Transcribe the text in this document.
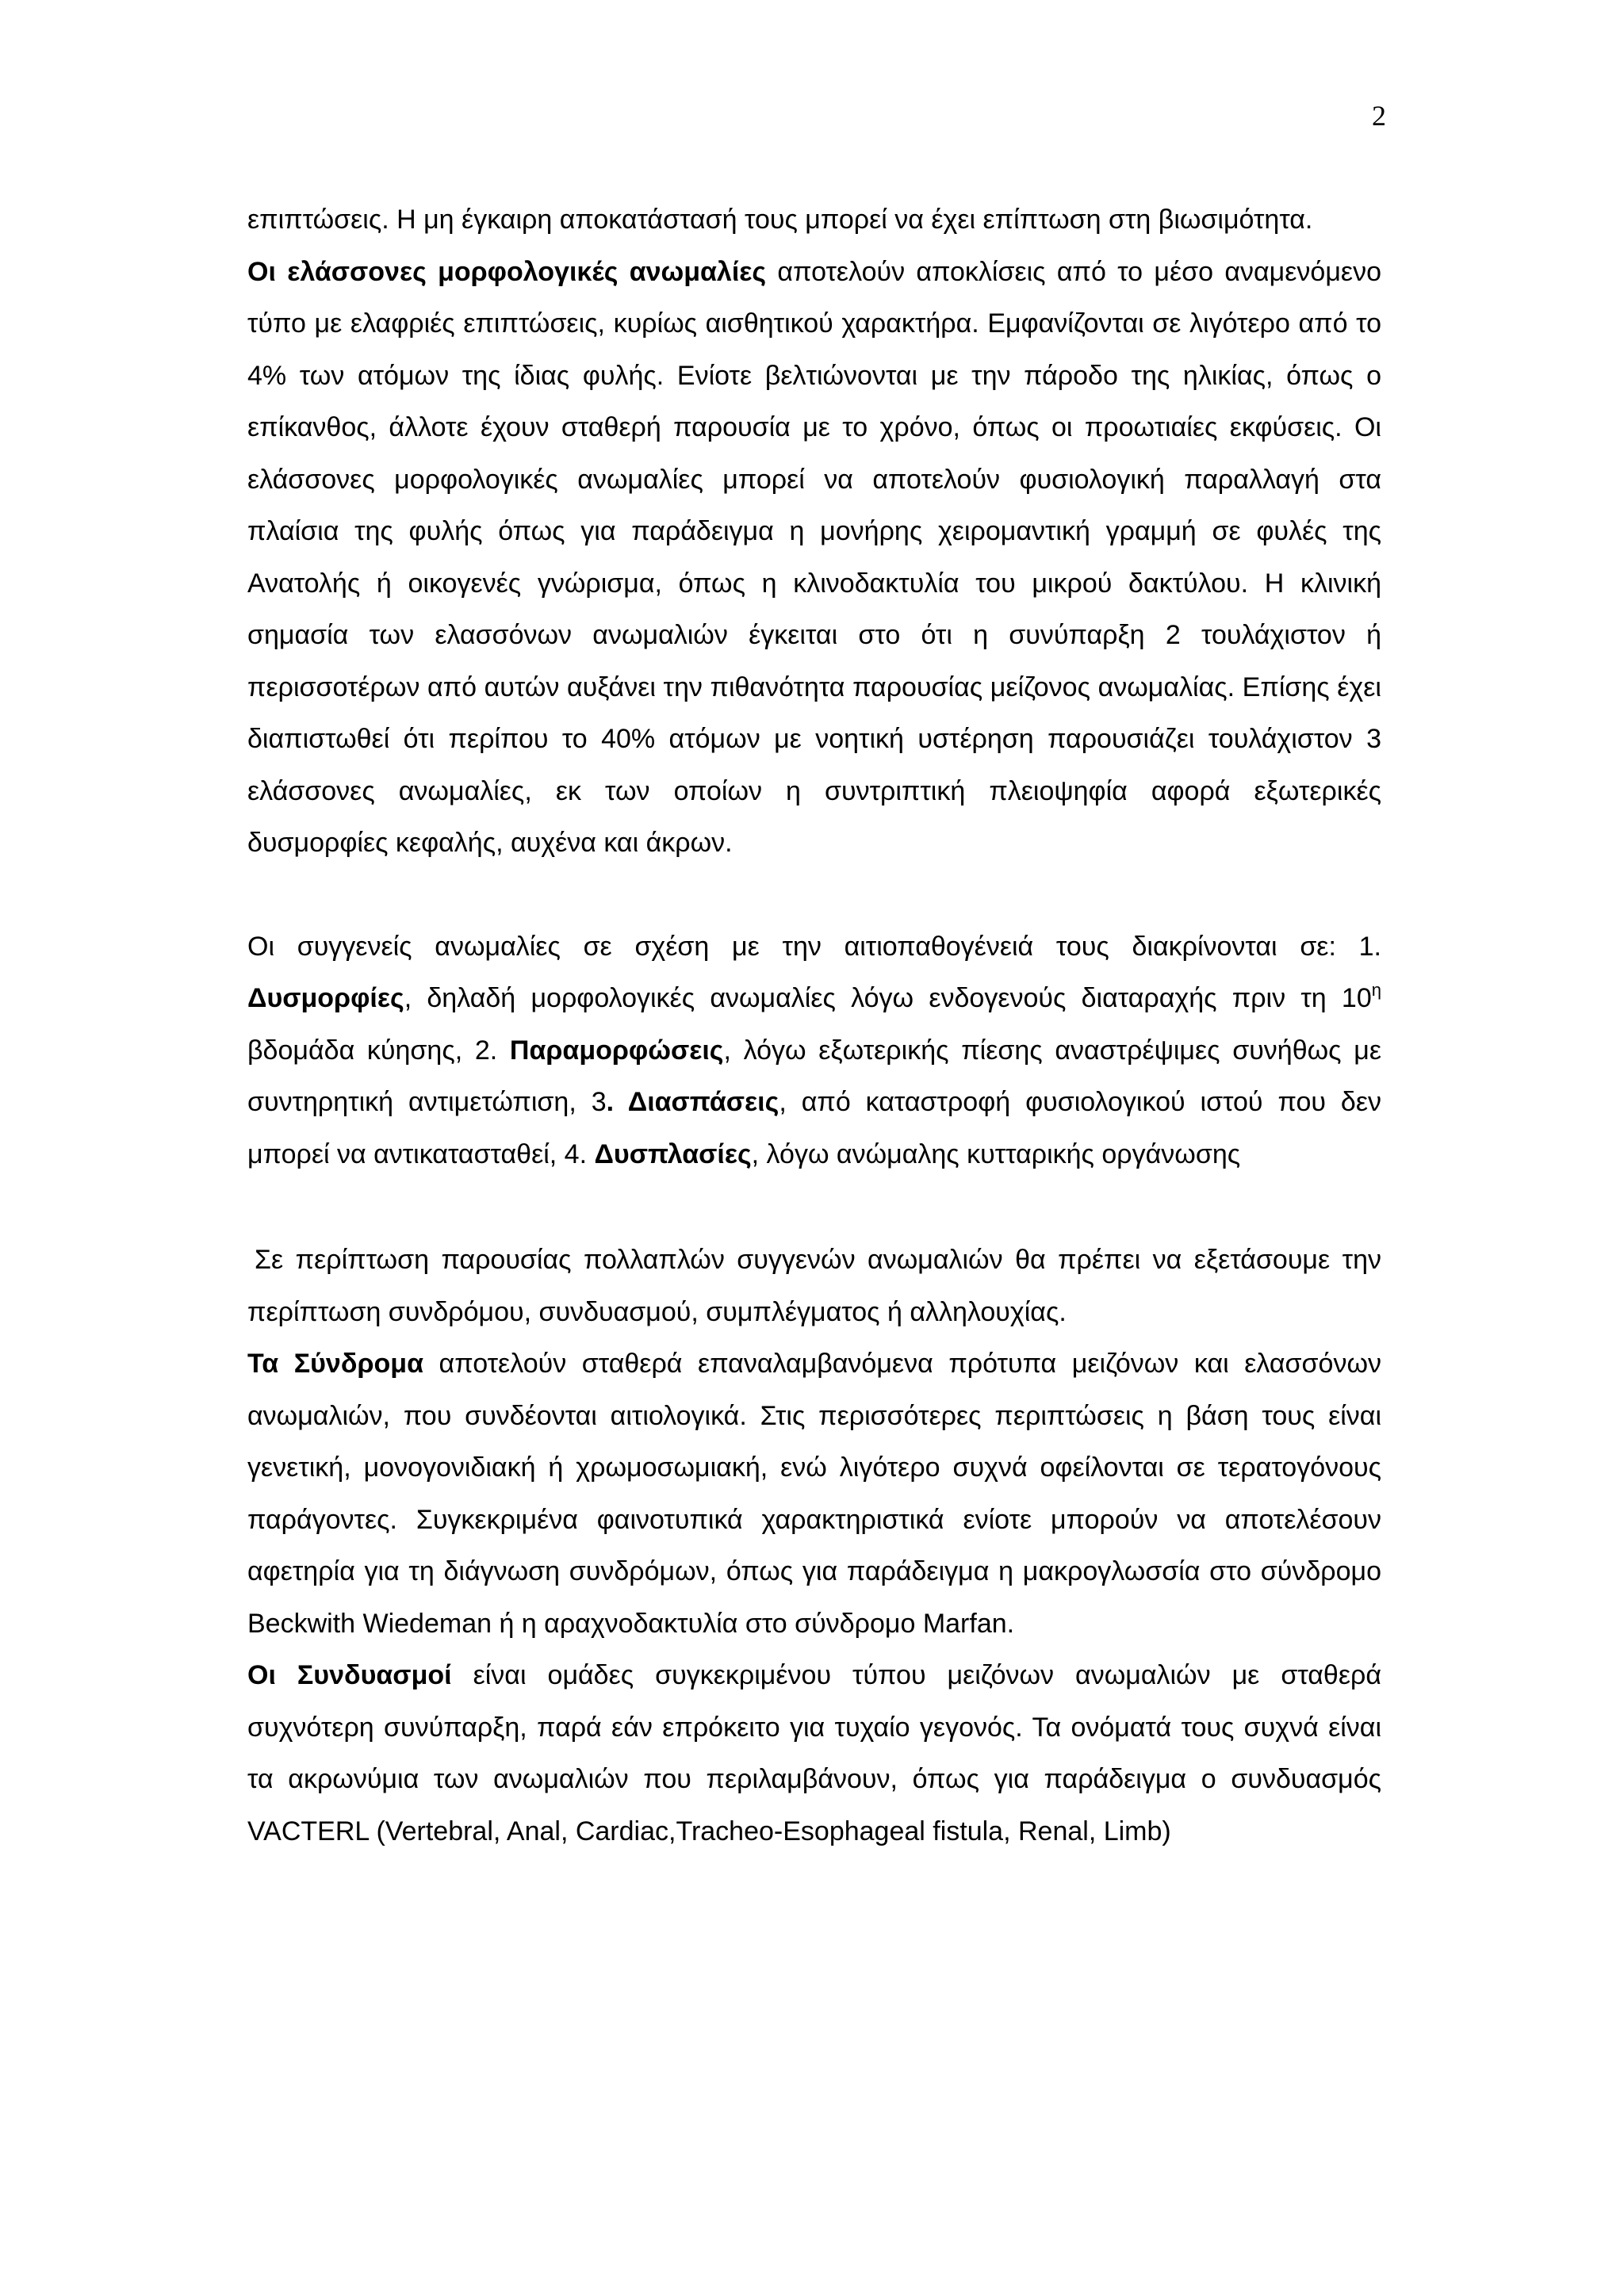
2

επιπτώσεις. Η μη έγκαιρη αποκατάστασή τους μπορεί να έχει επίπτωση στη βιωσιμότητα.

Οι ελάσσονες μορφολογικές ανωμαλίες αποτελούν αποκλίσεις από το μέσο αναμενόμενο τύπο με ελαφριές επιπτώσεις, κυρίως αισθητικού χαρακτήρα. Εμφανίζονται σε λιγότερο από το 4% των ατόμων της ίδιας φυλής. Ενίοτε βελτιώνονται με την πάροδο της ηλικίας, όπως ο επίκανθος, άλλοτε έχουν σταθερή παρουσία με το χρόνο, όπως οι προωτιαίες εκφύσεις. Οι ελάσσονες μορφολογικές ανωμαλίες μπορεί να αποτελούν φυσιολογική παραλλαγή στα πλαίσια της φυλής όπως για παράδειγμα η μονήρης χειρομαντική γραμμή σε φυλές της Ανατολής ή οικογενές γνώρισμα, όπως η κλινοδακτυλία του μικρού δακτύλου. Η κλινική σημασία των ελασσόνων ανωμαλιών έγκειται στο ότι η συνύπαρξη 2 τουλάχιστον ή περισσοτέρων από αυτών αυξάνει την πιθανότητα παρουσίας μείζονος ανωμαλίας. Επίσης έχει διαπιστωθεί ότι περίπου το 40% ατόμων με νοητική υστέρηση παρουσιάζει τουλάχιστον 3 ελάσσονες ανωμαλίες, εκ των οποίων η συντριπτική πλειοψηφία αφορά εξωτερικές δυσμορφίες κεφαλής, αυχένα και άκρων.

Οι συγγενείς ανωμαλίες σε σχέση με την αιτιοπαθογένειά τους διακρίνονται σε: 1. Δυσμορφίες, δηλαδή μορφολογικές ανωμαλίες λόγω ενδογενούς διαταραχής πριν τη $10^\eta$ βδομάδα κύησης, 2. Παραμορφώσεις, λόγω εξωτερικής πίεσης αναστρέψιμες συνήθως με συντηρητική αντιμετώπιση, 3. Διασπάσεις, από καταστροφή φυσιολογικού ιστού που δεν μπορεί να αντικατασταθεί, 4. Δυσπλασίες, λόγω ανώμαλης κυτταρικής οργάνωσης

Σε περίπτωση παρουσίας πολλαπλών συγγενών ανωμαλιών θα πρέπει να εξετάσουμε την περίπτωση συνδρόμου, συνδυασμού, συμπλέγματος ή αλληλουχίας.

Τα Σύνδρομα αποτελούν σταθερά επαναλαμβανόμενα πρότυπα μειζόνων και ελασσόνων ανωμαλιών, που συνδέονται αιτιολογικά. Στις περισσότερες περιπτώσεις η βάση τους είναι γενετική, μονογονιδιακή ή χρωμοσωμιακή, ενώ λιγότερο συχνά οφείλονται σε τερατογόνους παράγοντες. Συγκεκριμένα φαινοτυπικά χαρακτηριστικά ενίοτε μπορούν να αποτελέσουν αφετηρία για τη διάγνωση συνδρόμων, όπως για παράδειγμα η μακρογλωσσία στο σύνδρομο Beckwith Wiedeman ή η αραχνοδακτυλία στο σύνδρομο Marfan.

Οι Συνδυασμοί είναι ομάδες συγκεκριμένου τύπου μειζόνων ανωμαλιών με σταθερά συχνότερη συνύπαρξη, παρά εάν επρόκειτο για τυχαίο γεγονός. Τα ονόματά τους συχνά είναι τα ακρωνύμια των ανωμαλιών που περιλαμβάνουν, όπως για παράδειγμα ο συνδυασμός VACTERL (Vertebral, Anal, Cardiac,Tracheo-Esophageal fistula, Renal, Limb)
